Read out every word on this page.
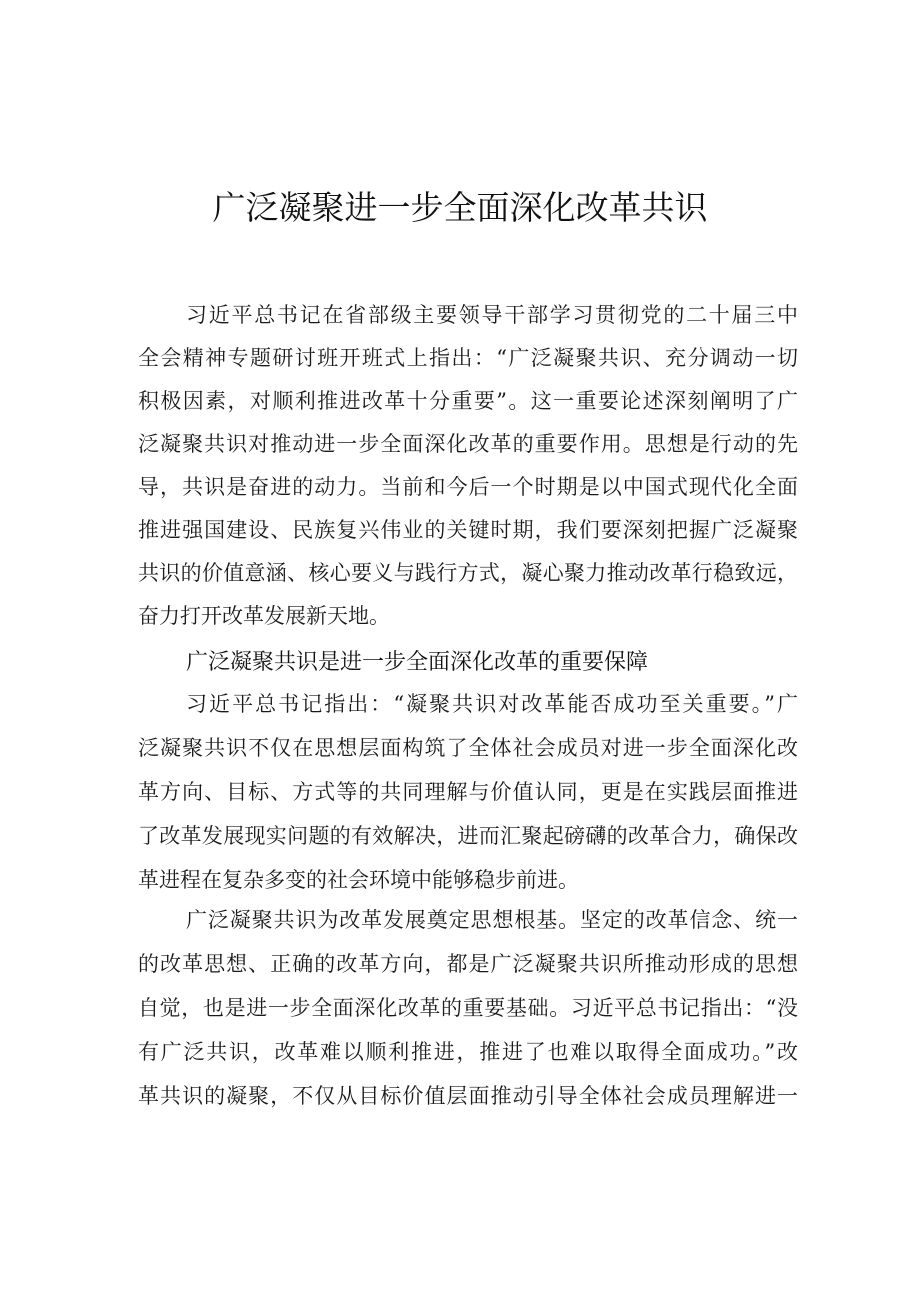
广泛凝聚进一步全面深化改革共识
习近平总书记在省部级主要领导干部学习贯彻党的二十届三中
全会精神专题研讨班开班式上指出：“广泛凝聚共识、充分调动一切
积极因素，对顺利推进改革十分重要”。这一重要论述深刻阐明了广
泛凝聚共识对推动进一步全面深化改革的重要作用。思想是行动的先
导，共识是奋进的动力。当前和今后一个时期是以中国式现代化全面
推进强国建设、民族复兴伟业的关键时期，我们要深刻把握广泛凝聚
共识的价值意涵、核心要义与践行方式，凝心聚力推动改革行稳致远，
奋力打开改革发展新天地。
广泛凝聚共识是进一步全面深化改革的重要保障
习近平总书记指出：“凝聚共识对改革能否成功至关重要。”广
泛凝聚共识不仅在思想层面构筑了全体社会成员对进一步全面深化改
革方向、目标、方式等的共同理解与价值认同，更是在实践层面推进
了改革发展现实问题的有效解决，进而汇聚起磅礴的改革合力，确保改
革进程在复杂多变的社会环境中能够稳步前进。
广泛凝聚共识为改革发展奠定思想根基。坚定的改革信念、统一
的改革思想、正确的改革方向，都是广泛凝聚共识所推动形成的思想
自觉，也是进一步全面深化改革的重要基础。习近平总书记指出：“没
有广泛共识，改革难以顺利推进，推进了也难以取得全面成功。”改
革共识的凝聚，不仅从目标价值层面推动引导全体社会成员理解进一
